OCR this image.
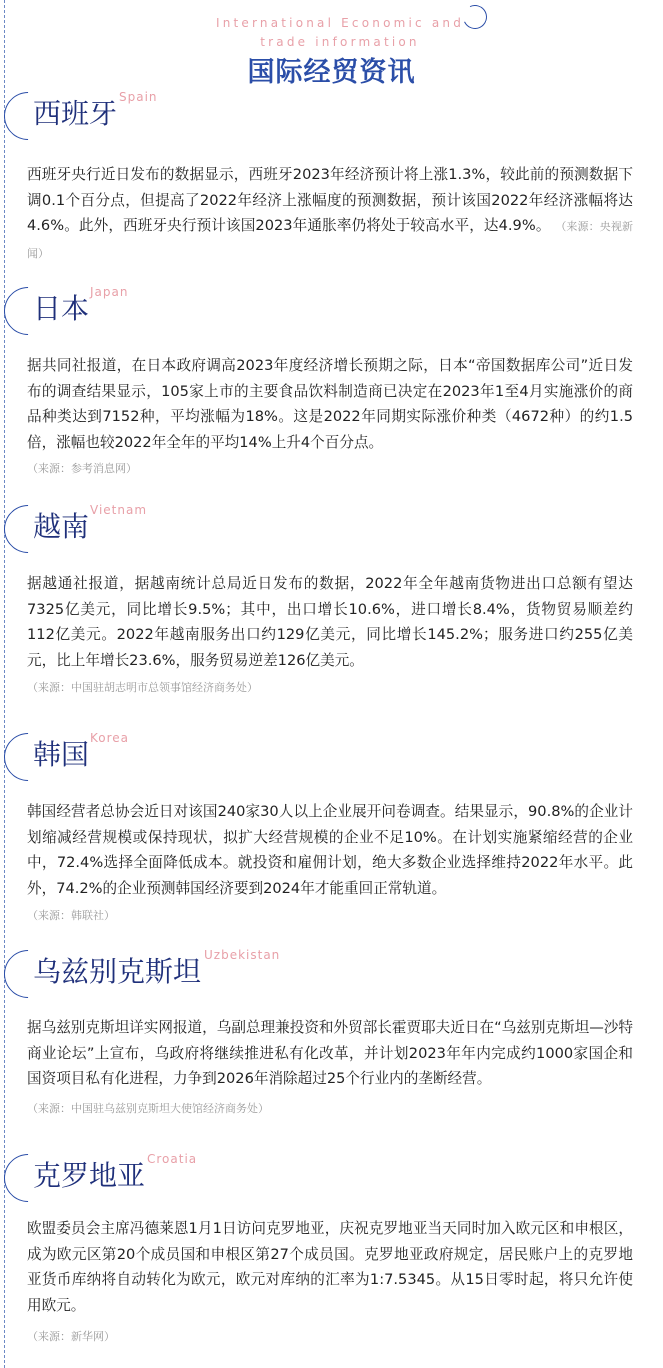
International Economic and trade information
国际经贸资讯
西班牙 Spain
西班牙央行近日发布的数据显示，西班牙2023年经济预计将上涨1.3%，较此前的预测数据下调0.1个百分点，但提高了2022年经济上涨幅度的预测数据，预计该国2022年经济涨幅将达4.6%。此外，西班牙央行预计该国2023年通胀率仍将处于较高水平，达4.9%。 （来源：央视新闻）
日本 Japan
据共同社报道，在日本政府调高2023年度经济增长预期之际，日本“帝国数据库公司”近日发布的调查结果显示，105家上市的主要食品饮料制造商已决定在2023年1至4月实施涨价的商品种类达到7152种，平均涨幅为18%。这是2022年同期实际涨价种类（4672种）的约1.5倍，涨幅也较2022年全年的平均14%上升4个百分点。
（来源：参考消息网）
越南 Vietnam
据越通社报道，据越南统计总局近日发布的数据，2022年全年越南货物进出口总额有望达7325亿美元，同比增长9.5%；其中，出口增长10.6%，进口增长8.4%，货物贸易顺差约112亿美元。2022年越南服务出口约129亿美元，同比增长145.2%；服务进口约255亿美元，比上年增长23.6%，服务贸易逆差126亿美元。
（来源：中国驻胡志明市总领事馆经济商务处）
韩国 Korea
韩国经营者总协会近日对该国240家30人以上企业展开问卷调查。结果显示，90.8%的企业计划缩减经营规模或保持现状，拟扩大经营规模的企业不足10%。在计划实施紧缩经营的企业中，72.4%选择全面降低成本。就投资和雇佣计划，绝大多数企业选择维持2022年水平。此外，74.2%的企业预测韩国经济要到2024年才能重回正常轨道。
（来源：韩联社）
乌兹别克斯坦 Uzbekistan
据乌兹别克斯坦详实网报道，乌副总理兼投资和外贸部长霍贾耶夫近日在“乌兹别克斯坦—沙特商业论坛”上宣布，乌政府将继续推进私有化改革，并计划2023年年内完成约1000家国企和国资项目私有化进程，力争到2026年消除超过25个行业内的垄断经营。
（来源：中国驻乌兹别克斯坦大使馆经济商务处）
克罗地亚 Croatia
欧盟委员会主席冯德莱恩1月1日访问克罗地亚，庆祝克罗地亚当天同时加入欧元区和申根区，成为欧元区第20个成员国和申根区第27个成员国。克罗地亚政府规定，居民账户上的克罗地亚货币库纳将自动转化为欧元，欧元对库纳的汇率为1:7.5345。从15日零时起，将只允许使用欧元。
（来源：新华网）
